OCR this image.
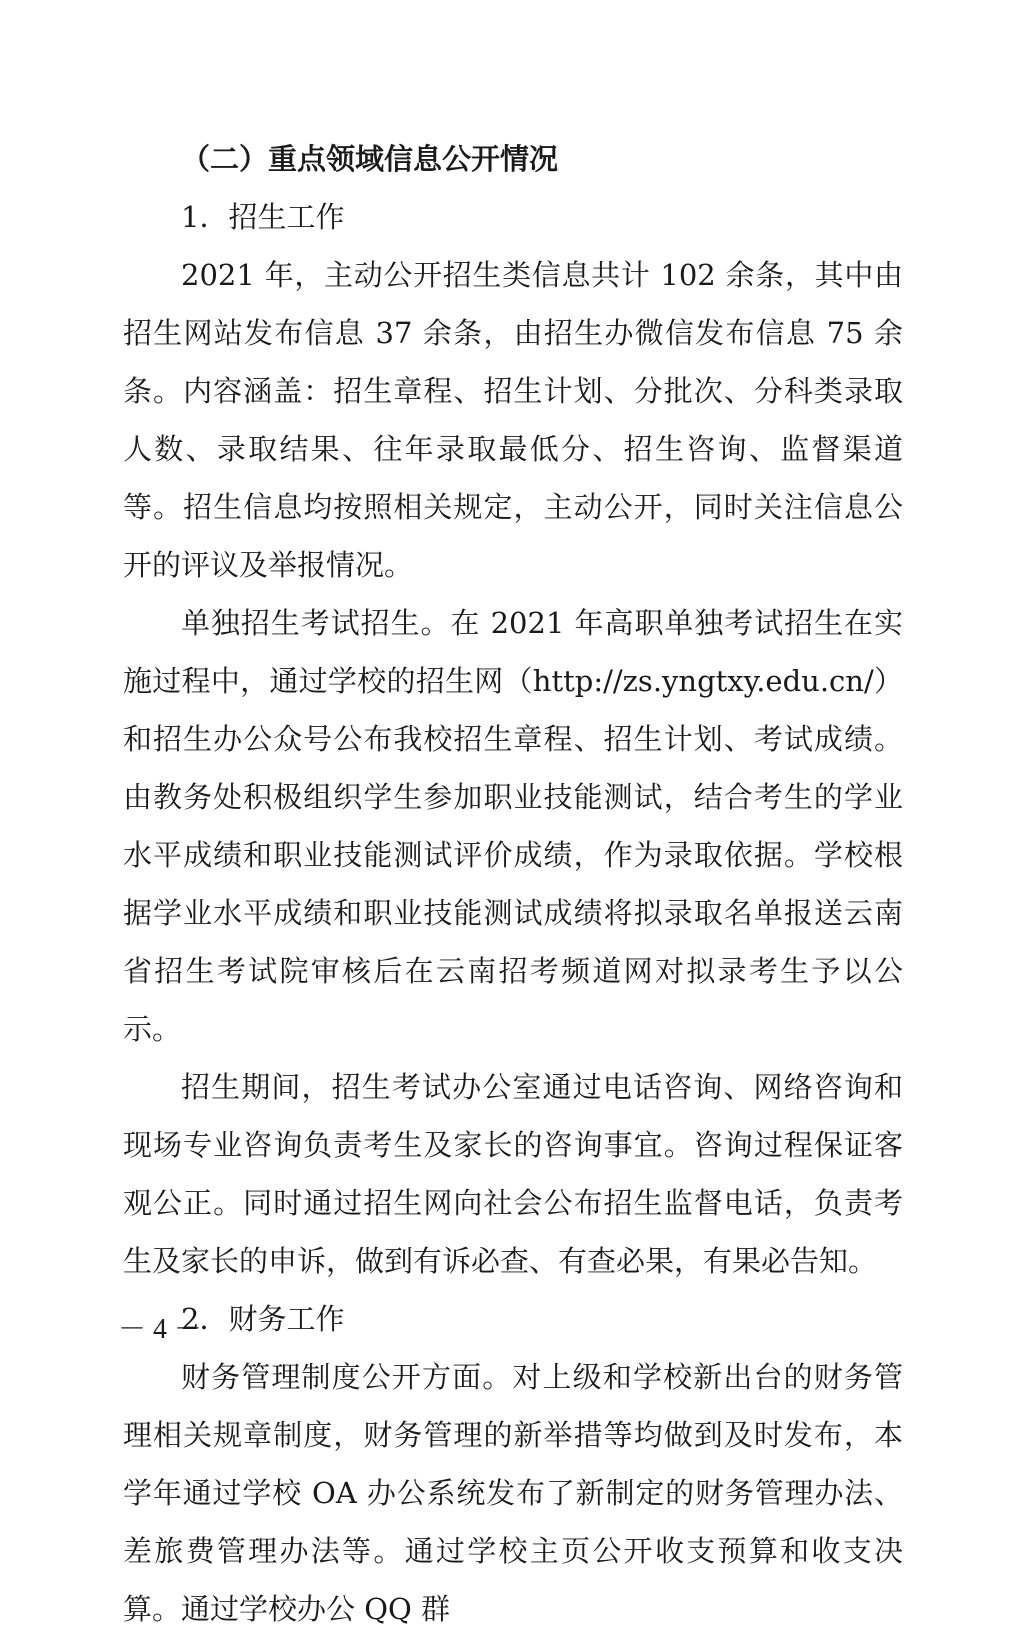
（二）重点领域信息公开情况

1．招生工作

2021 年，主动公开招生类信息共计 102 余条，其中由招生网站发布信息 37 余条，由招生办微信发布信息 75 余条。内容涵盖：招生章程、招生计划、分批次、分科类录取人数、录取结果、往年录取最低分、招生咨询、监督渠道等。招生信息均按照相关规定，主动公开，同时关注信息公开的评议及举报情况。

单独招生考试招生。在 2021 年高职单独考试招生在实施过程中，通过学校的招生网（http://zs.yngtxy.edu.cn/）和招生办公众号公布我校招生章程、招生计划、考试成绩。由教务处积极组织学生参加职业技能测试，结合考生的学业水平成绩和职业技能测试评价成绩，作为录取依据。学校根据学业水平成绩和职业技能测试成绩将拟录取名单报送云南省招生考试院审核后在云南招考频道网对拟录考生予以公示。

招生期间，招生考试办公室通过电话咨询、网络咨询和现场专业咨询负责考生及家长的咨询事宜。咨询过程保证客观公正。同时通过招生网向社会公布招生监督电话，负责考生及家长的申诉，做到有诉必查、有查必果，有果必告知。

2．财务工作

财务管理制度公开方面。对上级和学校新出台的财务管理相关规章制度，财务管理的新举措等均做到及时发布，本学年通过学校 OA 办公系统发布了新制定的财务管理办法、差旅费管理办法等。通过学校主页公开收支预算和收支决算。通过学校办公 QQ 群

－ 4 －
